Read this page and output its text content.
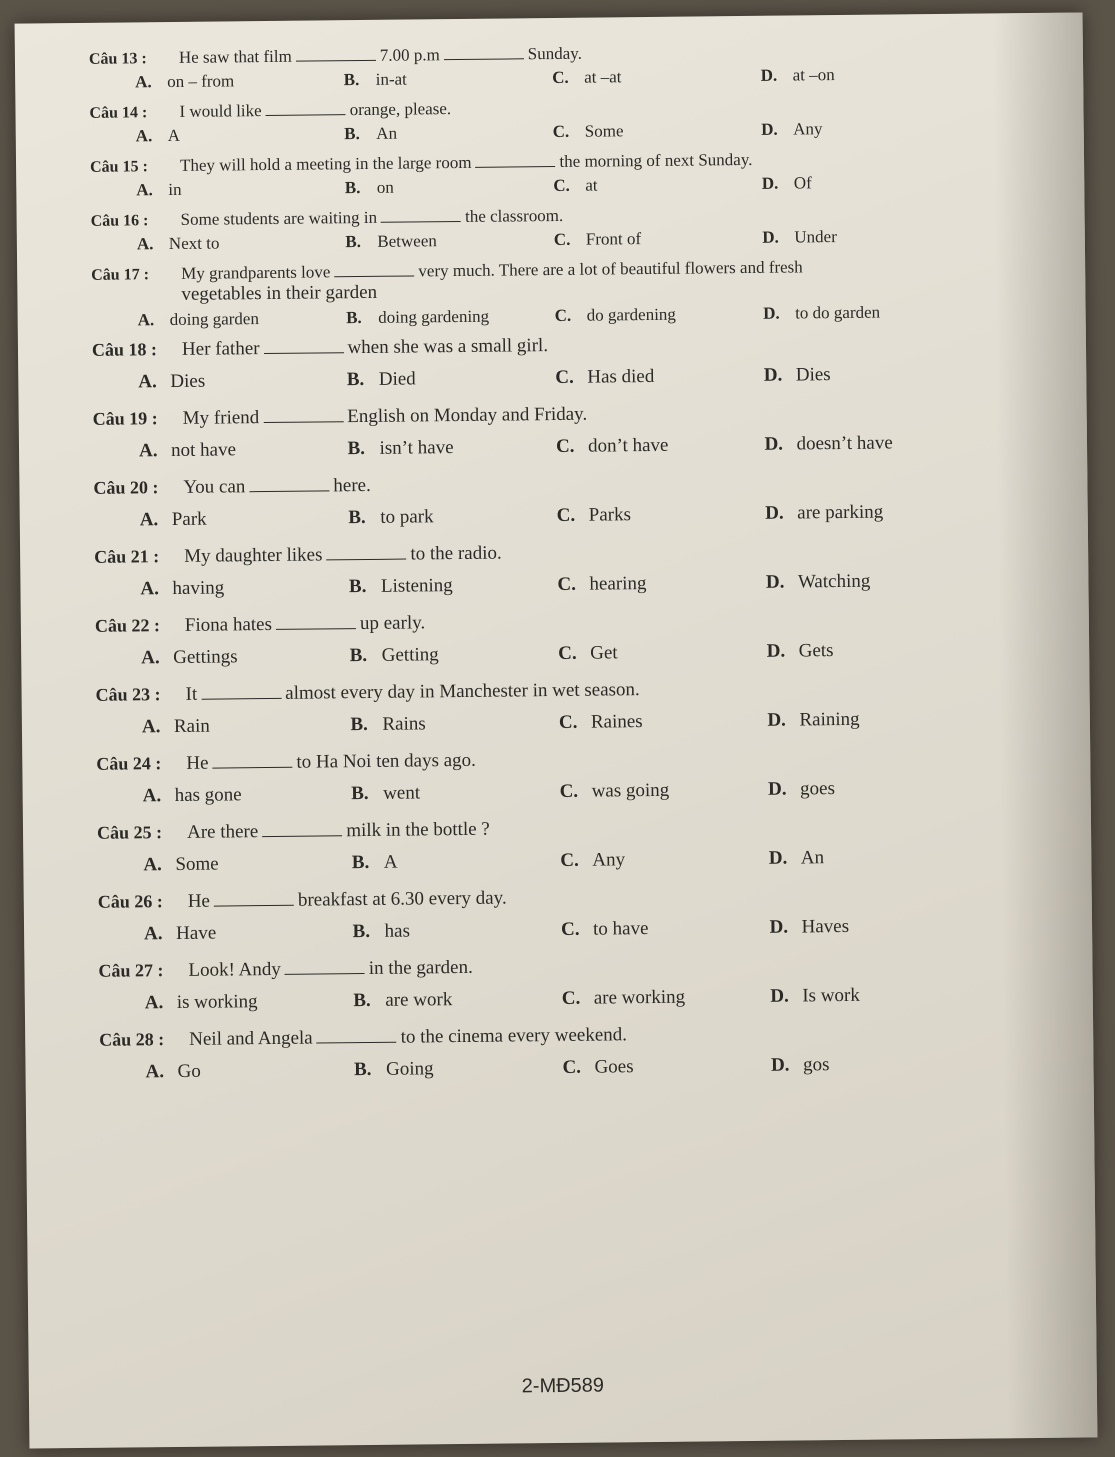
Câu 13 :	He saw that film	7.00 p.m	Sunday.
A. on – from	B. in-at	C. at –at	D. at –on
Câu 14 :	I would like	orange, please.
A. A	B. An	C. Some	D. Any
Câu 15 :	They will hold a meeting in the large room	the morning of next Sunday.
A. in	B. on	C. at	D. Of
Câu 16 :	Some students are waiting in	the classroom.
A. Next to	B. Between	C. Front of	D. Under
Câu 17 :	My grandparents love	very much. There are a lot of beautiful flowers and fresh
vegetables in their garden
A. doing garden	B. doing gardening	C. do gardening	D. to do garden
Câu 18 :	Her father	when she was a small girl.
A. Dies	B. Died	C. Has died	D. Dies
Câu 19 :	My friend	English on Monday and Friday.
A. not have	B. isn’t have	C. don’t have	D. doesn’t have
Câu 20 :	You can	here.
A. Park	B. to park	C. Parks	D. are parking
Câu 21 :	My daughter likes	to the radio.
A. having	B. Listening	C. hearing	D. Watching
Câu 22 :	Fiona hates	up early.
A. Gettings	B. Getting	C. Get	D. Gets
Câu 23 :	It	almost every day in Manchester in wet season.
A. Rain	B. Rains	C. Raines	D. Raining
Câu 24 :	He	to Ha Noi ten days ago.
A. has gone	B. went	C. was going	D. goes
Câu 25 :	Are there	milk in the bottle ?
A. Some	B. A	C. Any	D. An
Câu 26 :	He	breakfast at 6.30 every day.
A. Have	B. has	C. to have	D. Haves
Câu 27 :	Look! Andy	in the garden.
A. is working	B. are work	C. are working	D. Is work
Câu 28 :	Neil and Angela	to the cinema every weekend.
A. Go	B. Going	C. Goes	D. gos
2-MĐ589
